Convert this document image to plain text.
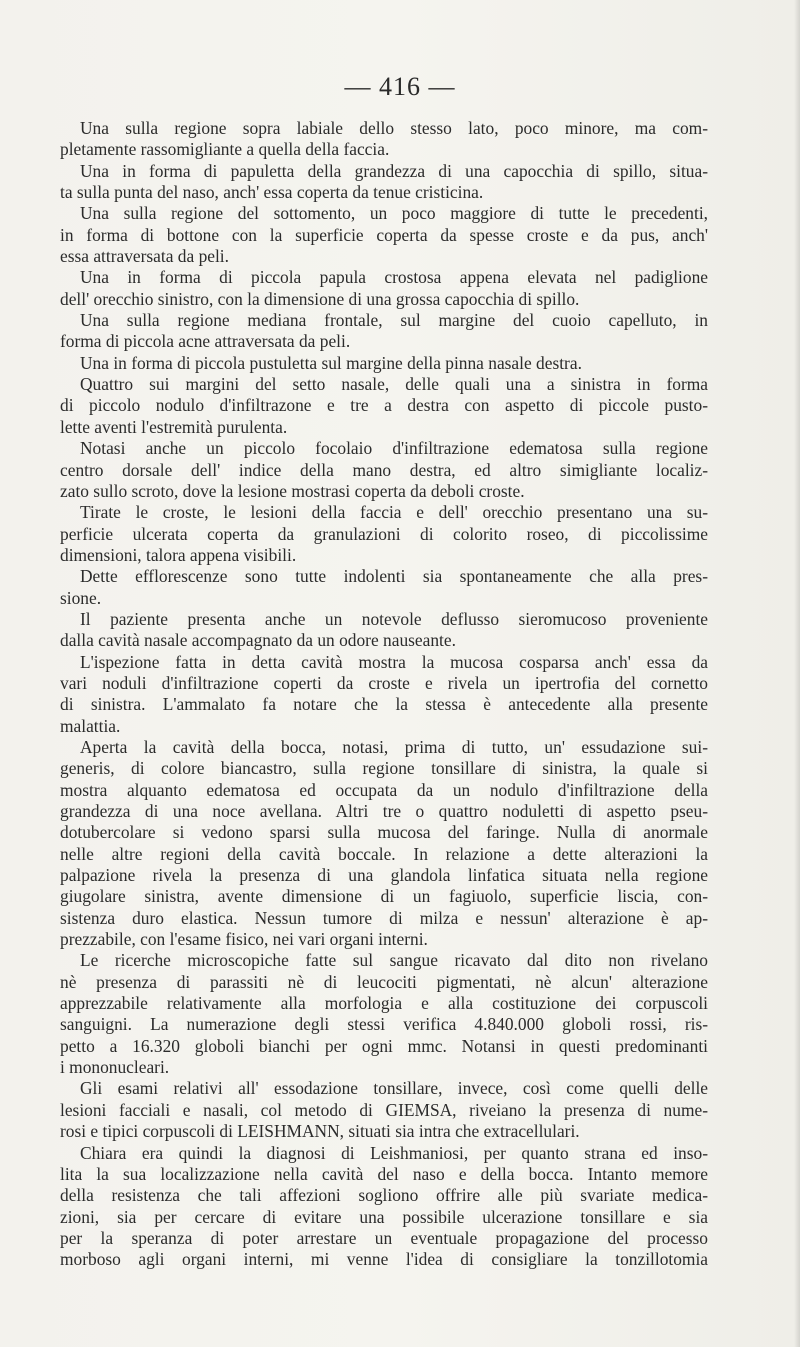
— 416 —
Una sulla regione sopra labiale dello stesso lato, poco minore, ma com-
pletamente rassomigliante a quella della faccia.
Una in forma di papuletta della grandezza di una capocchia di spillo, situa-
ta sulla punta del naso, anch' essa coperta da tenue cristicina.
Una sulla regione del sottomento, un poco maggiore di tutte le precedenti,
in forma di bottone con la superficie coperta da spesse croste e da pus, anch'
essa attraversata da peli.
Una in forma di piccola papula crostosa appena elevata nel padiglione
dell' orecchio sinistro, con la dimensione di una grossa capocchia di spillo.
Una sulla regione mediana frontale, sul margine del cuoio capelluto, in
forma di piccola acne attraversata da peli.
Una in forma di piccola pustuletta sul margine della pinna nasale destra.
Quattro sui margini del setto nasale, delle quali una a sinistra in forma
di piccolo nodulo d'infiltrazone e tre a destra con aspetto di piccole pusto-
lette aventi l'estremità purulenta.
Notasi anche un piccolo focolaio d'infiltrazione edematosa sulla regione
centro dorsale dell' indice della mano destra, ed altro simigliante localiz-
zato sullo scroto, dove la lesione mostrasi coperta da deboli croste.
Tirate le croste, le lesioni della faccia e dell' orecchio presentano una su-
perficie ulcerata coperta da granulazioni di colorito roseo, di piccolissime
dimensioni, talora appena visibili.
Dette efflorescenze sono tutte indolenti sia spontaneamente che alla pres-
sione.
Il paziente presenta anche un notevole deflusso sieromucoso proveniente
dalla cavità nasale accompagnato da un odore nauseante.
L'ispezione fatta in detta cavità mostra la mucosa cosparsa anch' essa da
vari noduli d'infiltrazione coperti da croste e rivela un ipertrofia del cornetto
di sinistra. L'ammalato fa notare che la stessa è antecedente alla presente
malattia.
Aperta la cavità della bocca, notasi, prima di tutto, un' essudazione sui-
generis, di colore biancastro, sulla regione tonsillare di sinistra, la quale si
mostra alquanto edematosa ed occupata da un nodulo d'infiltrazione della
grandezza di una noce avellana. Altri tre o quattro noduletti di aspetto pseu-
dotubercolare si vedono sparsi sulla mucosa del faringe. Nulla di anormale
nelle altre regioni della cavità boccale. In relazione a dette alterazioni la
palpazione rivela la presenza di una glandola linfatica situata nella regione
giugolare sinistra, avente dimensione di un fagiuolo, superficie liscia, con-
sistenza duro elastica. Nessun tumore di milza e nessun' alterazione è ap-
prezzabile, con l'esame fisico, nei vari organi interni.
Le ricerche microscopiche fatte sul sangue ricavato dal dito non rivelano
nè presenza di parassiti nè di leucociti pigmentati, nè alcun' alterazione
apprezzabile relativamente alla morfologia e alla costituzione dei corpuscoli
sanguigni. La numerazione degli stessi verifica 4.840.000 globoli rossi, ris-
petto a 16.320 globoli bianchi per ogni mmc. Notansi in questi predominanti
i mononucleari.
Gli esami relativi all' essodazione tonsillare, invece, così come quelli delle
lesioni facciali e nasali, col metodo di GIEMSA, riveiano la presenza di nume-
rosi e tipici corpuscoli di LEISHMANN, situati sia intra che extracellulari.
Chiara era quindi la diagnosi di Leishmaniosi, per quanto strana ed inso-
lita la sua localizzazione nella cavità del naso e della bocca. Intanto memore
della resistenza che tali affezioni sogliono offrire alle più svariate medica-
zioni, sia per cercare di evitare una possibile ulcerazione tonsillare e sia
per la speranza di poter arrestare un eventuale propagazione del processo
morboso agli organi interni, mi venne l'idea di consigliare la tonzillotomia
